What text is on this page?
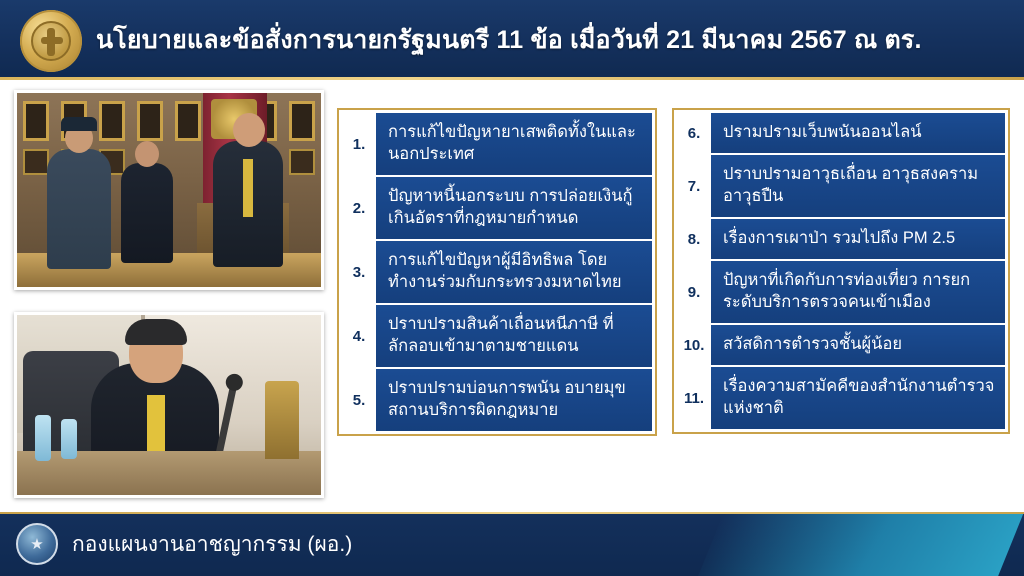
นโยบายและข้อสั่งการนายกรัฐมนตรี 11 ข้อ เมื่อวันที่ 21 มีนาคม 2567 ณ ตร.
1.
การแก้ไขปัญหายาเสพติดทั้งในและนอกประเทศ
2.
ปัญหาหนี้นอกระบบ การปล่อยเงินกู้เกินอัตราที่กฎหมายกำหนด
3.
การแก้ไขปัญหาผู้มีอิทธิพล โดยทำงานร่วมกับกระทรวงมหาดไทย
4.
ปราบปรามสินค้าเถื่อนหนีภาษี ที่ลักลอบเข้ามาตามชายแดน
5.
ปราบปรามบ่อนการพนัน อบายมุข สถานบริการผิดกฎหมาย
6.	ปรามปรามเว็บพนันออนไลน์
7.
ปราบปรามอาวุธเถื่อน อาวุธสงคราม อาวุธปืน
8.	เรื่องการเผาป่า รวมไปถึง PM 2.5
9.
ปัญหาที่เกิดกับการท่องเที่ยว การยกระดับบริการตรวจคนเข้าเมือง
10.	สวัสดิการตำรวจชั้นผู้น้อย
11.
เรื่องความสามัคคีของสำนักงานตำรวจแห่งชาติ
★	กองแผนงานอาชญากรรม (ผอ.)
